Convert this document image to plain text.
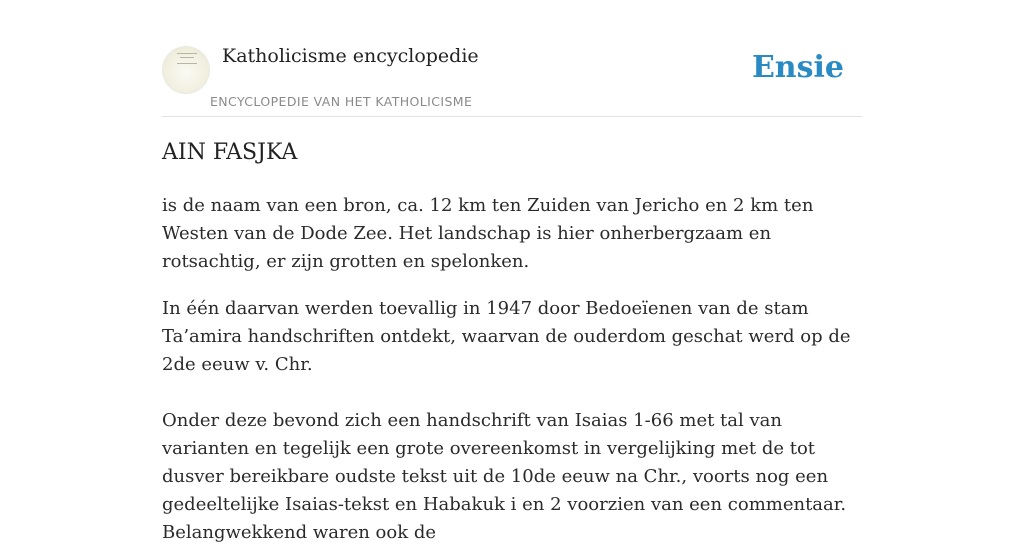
Katholicisme encyclopedie
ENCYCLOPEDIE VAN HET KATHOLICISME
Ensie
AIN FASJKA

is de naam van een bron, ca. 12 km ten Zuiden van Jericho en 2 km ten Westen van de Dode Zee. Het landschap is hier onherbergzaam en rotsachtig, er zijn grotten en spelonken.

In één daarvan werden toevallig in 1947 door Bedoeïenen van de stam Ta’amira handschriften ontdekt, waarvan de ouderdom geschat werd op de 2de eeuw v. Chr.

Onder deze bevond zich een handschrift van Isaias 1-66 met tal van varianten en tegelijk een grote overeenkomst in vergelijking met de tot dusver bereikbare oudste tekst uit de 10de eeuw na Chr., voorts nog een gedeeltelijke Isaias-tekst en Habakuk i en 2 voorzien van een commentaar. Belangwekkend waren ook de
